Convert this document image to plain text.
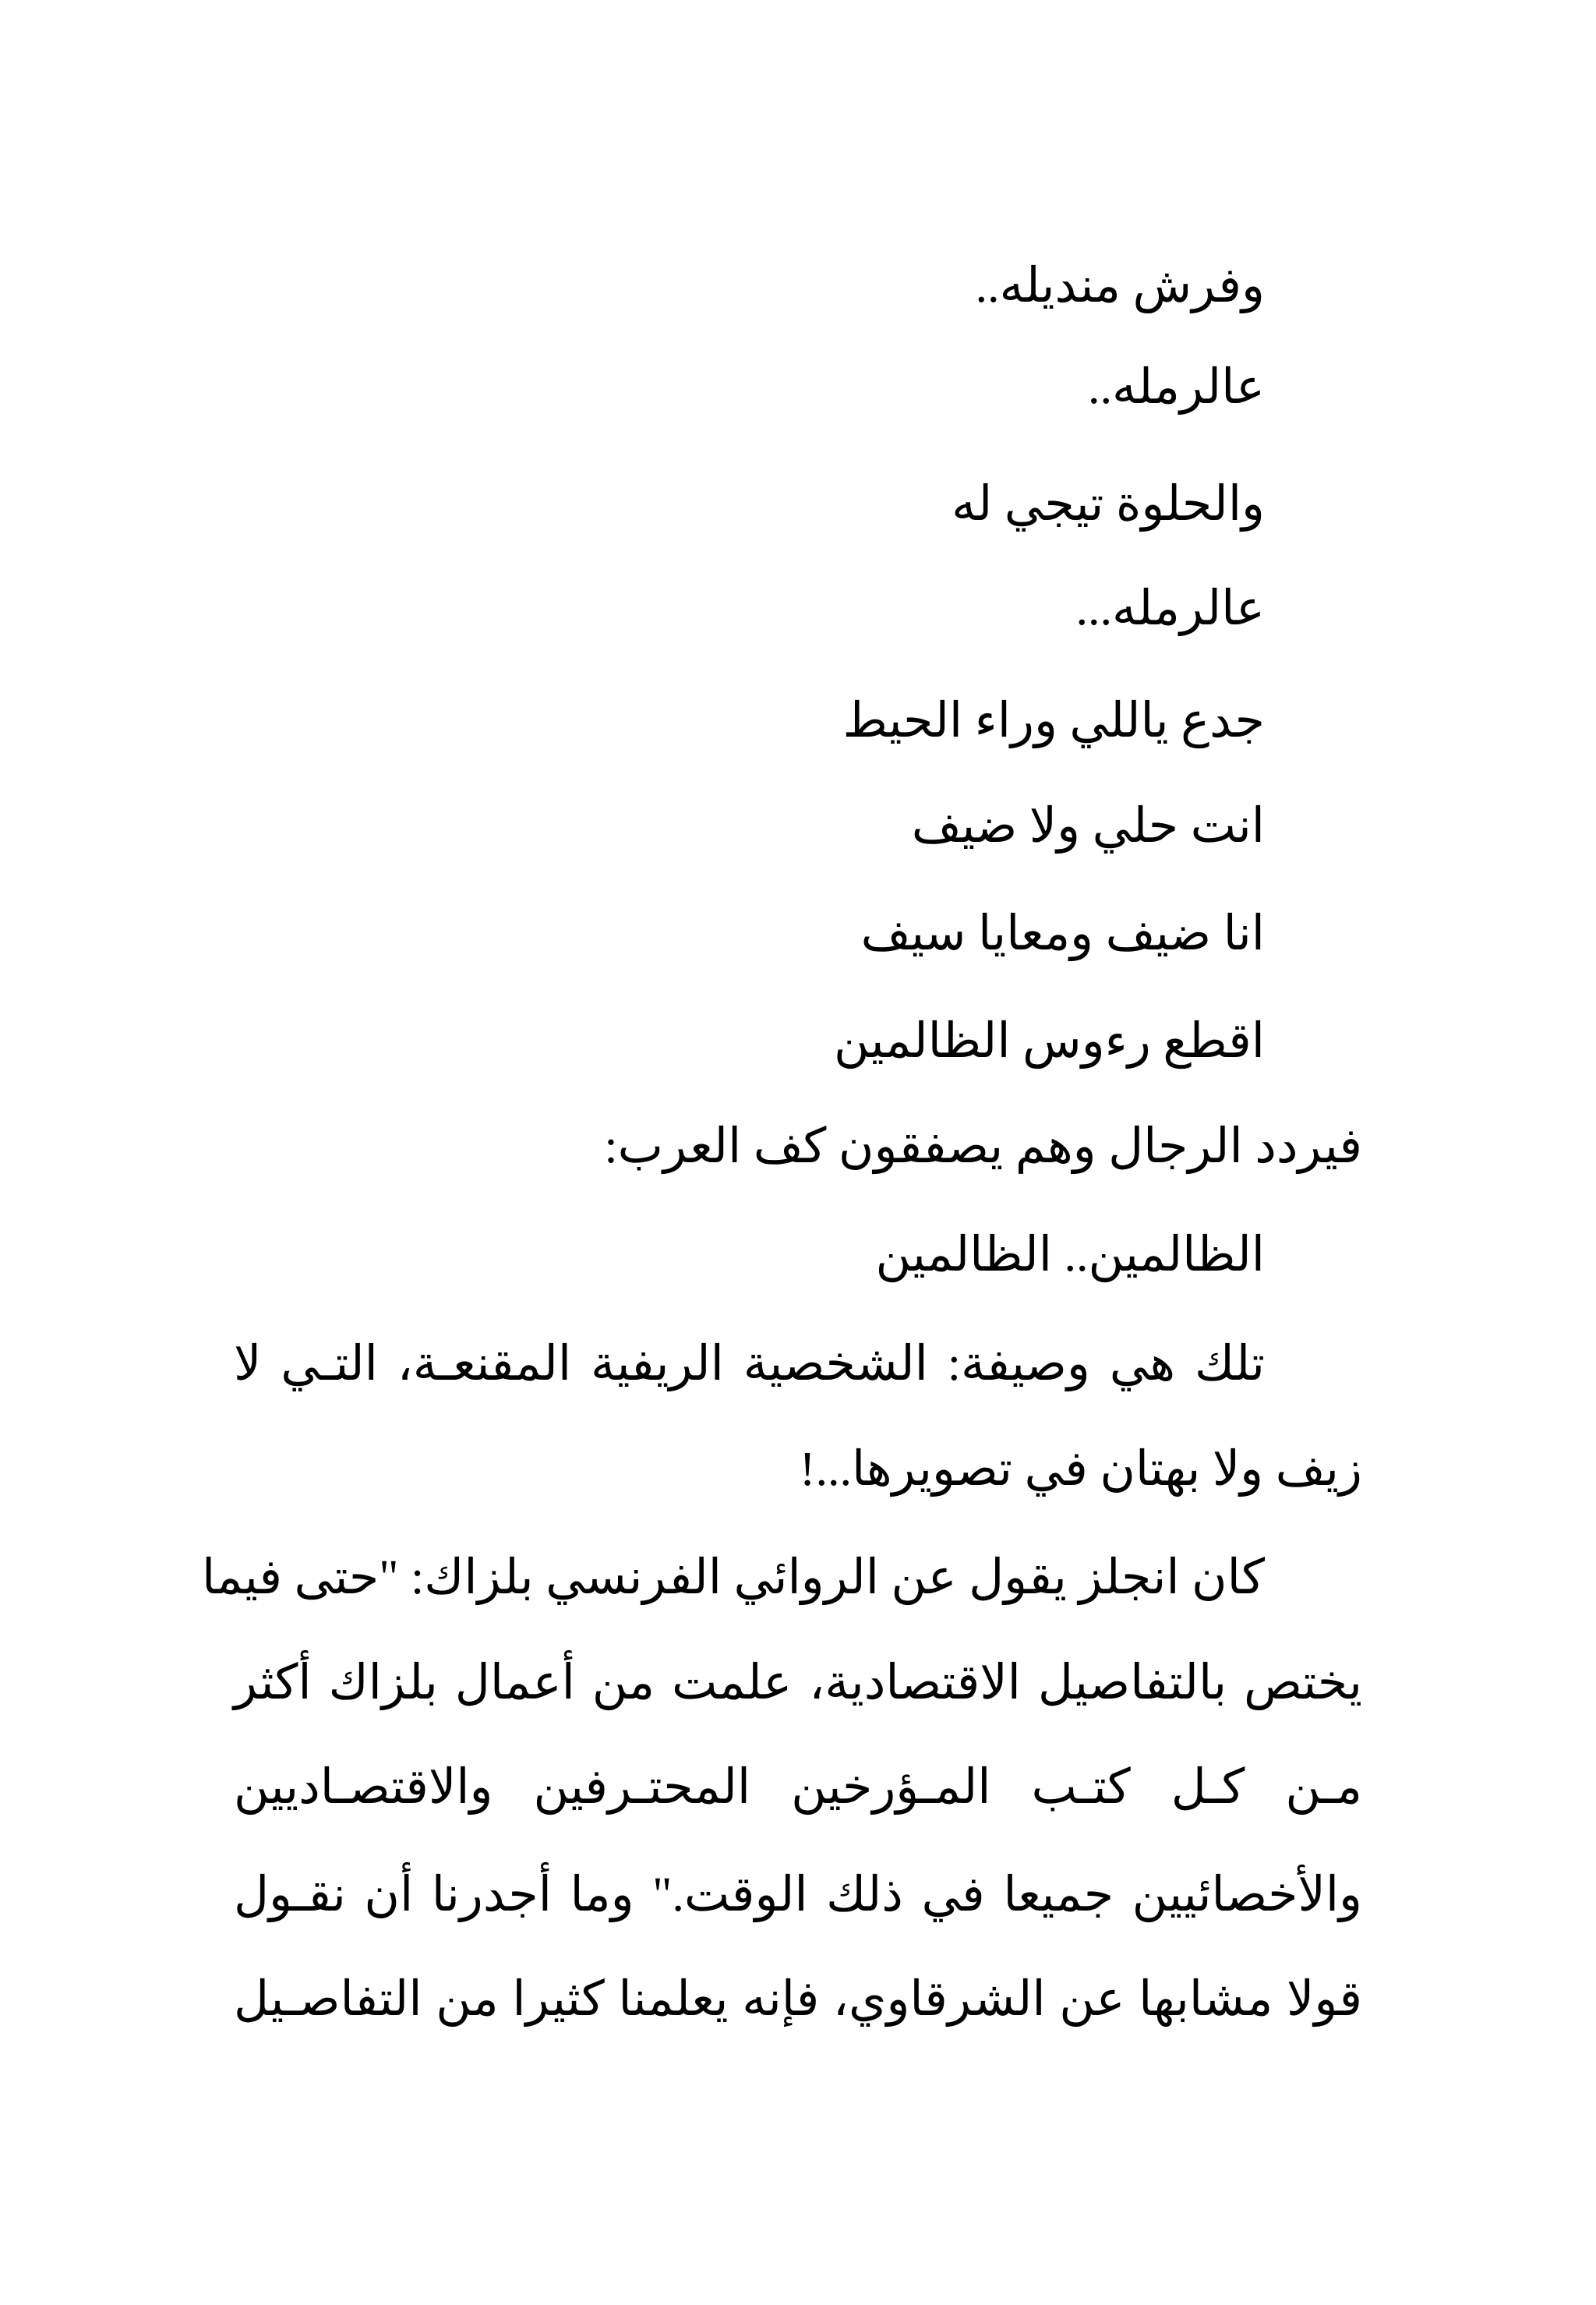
وفرش منديله..
عالرمله..
والحلوة تيجي له
عالرمله...
جدع ياللي وراء الحيط
انت حلي ولا ضيف
انا ضيف ومعايا سيف
اقطع رءوس الظالمين
فيردد الرجال وهم يصفقون كف العرب:
الظالمين.. الظالمين
تلك هي وصيفة: الشخصية الريفية المقنعـة، التـي لا
زيف ولا بهتان في تصويرها...!
كان انجلز يقول عن الروائي الفرنسي بلزاك: "حتى فيما
يختص بالتفاصيل الاقتصادية، علمت من أعمال بلزاك أكثر
مـن كـل كتـب المـؤرخين المحتـرفين والاقتصـاديين
والأخصائيين جميعا في ذلك الوقت." وما أجدرنا أن نقـول
قولا مشابها عن الشرقاوي، فإنه يعلمنا كثيرا من التفاصـيل
